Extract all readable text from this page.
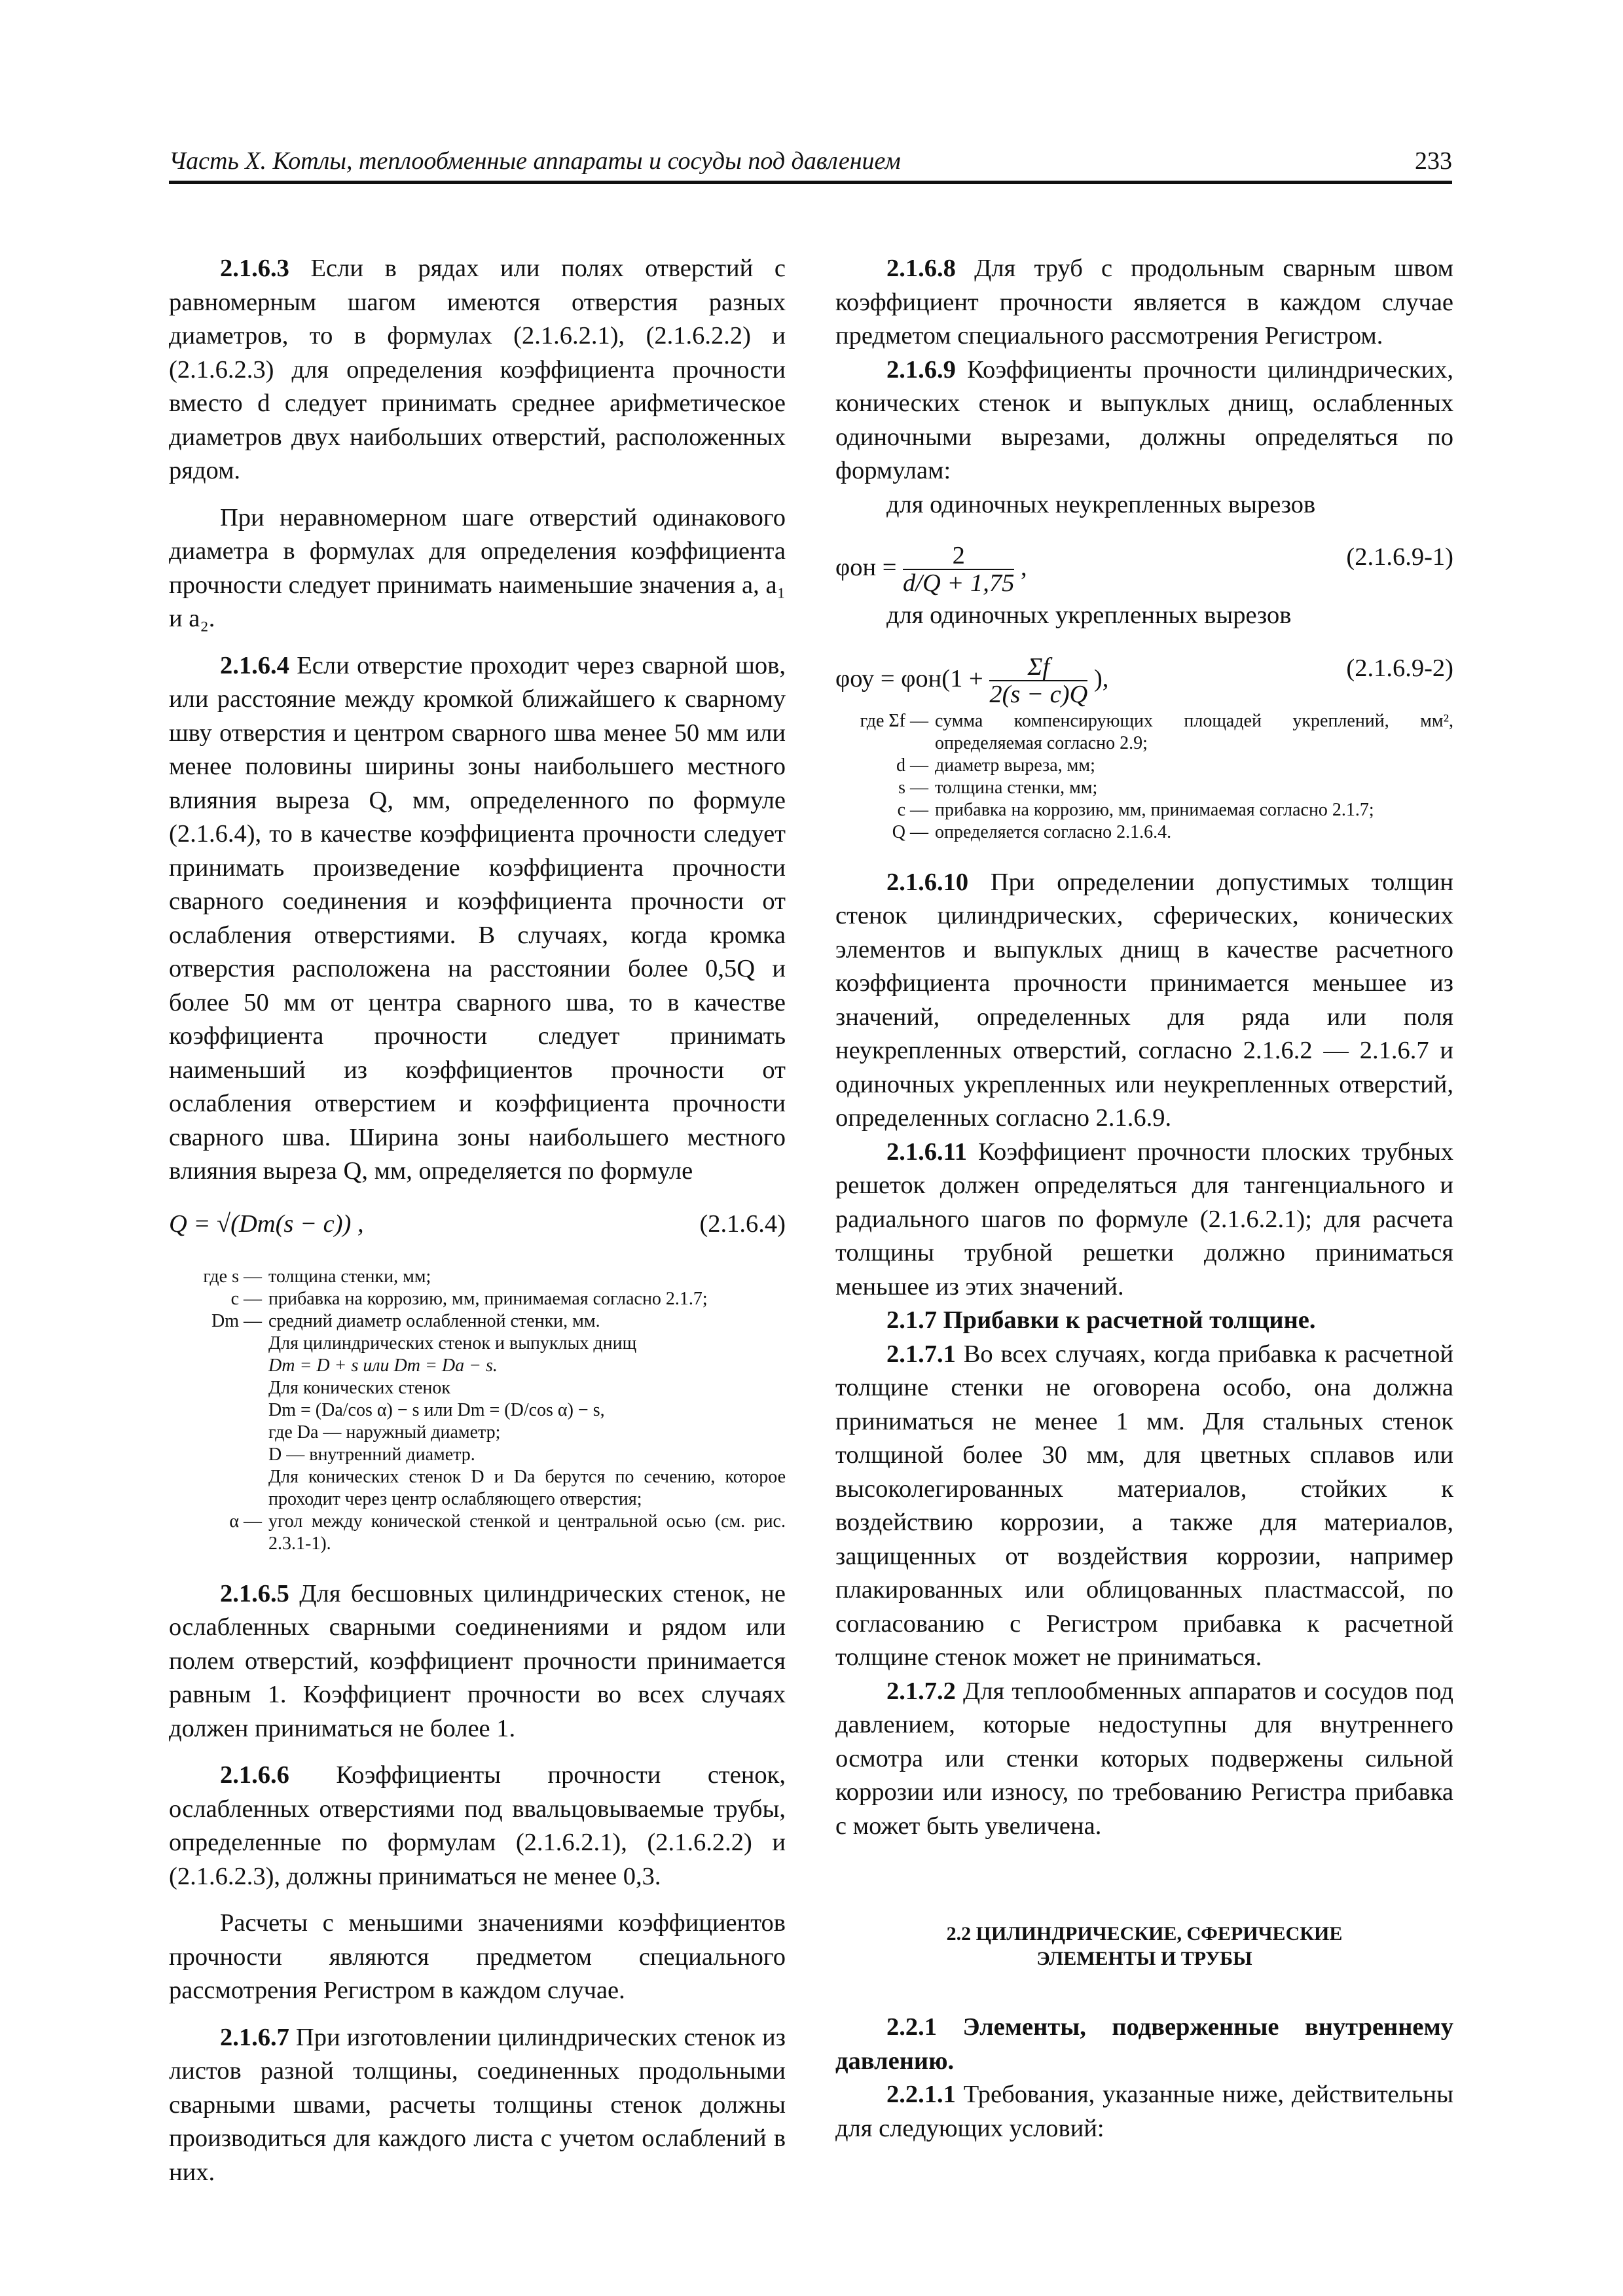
Часть X. Котлы, теплообменные аппараты и сосуды под давлением	233

2.1.6.3 Если в рядах или полях отверстий с равномерным шагом имеются отверстия разных диаметров, то в формулах (2.1.6.2.1), (2.1.6.2.2) и (2.1.6.2.3) для определения коэффициента прочности вместо d следует принимать среднее арифметическое диаметров двух наибольших отверстий, расположенных рядом.

При неравномерном шаге отверстий одинакового диаметра в формулах для определения коэффициента прочности следует принимать наименьшие значения a, a₁ и a₂.

2.1.6.4 Если отверстие проходит через сварной шов, или расстояние между кромкой ближайшего к сварному шву отверстия и центром сварного шва менее 50 мм или менее половины ширины зоны наибольшего местного влияния выреза Q, мм, определенного по формуле (2.1.6.4), то в качестве коэффициента прочности следует принимать произведение коэффициента прочности сварного соединения и коэффициента прочности от ослабления отверстиями. В случаях, когда кромка отверстия расположена на расстоянии более 0,5Q и более 50 мм от центра сварного шва, то в качестве коэффициента прочности следует принимать наименьший из коэффициентов прочности от ослабления отверстием и коэффициента прочности сварного шва. Ширина зоны наибольшего местного влияния выреза Q, мм, определяется по формуле

Q = √(Dm(s − c)) ,	(2.1.6.4)
где s — толщина стенки, мм;
c — прибавка на коррозию, мм, принимаемая согласно 2.1.7;
Dm — средний диаметр ослабленной стенки, мм.
Для цилиндрических стенок и выпуклых днищ
Dm = D + s или Dm = Da − s.
Для конических стенок
Dm = (Da/cos α) − s или Dm = (D/cos α) − s,
где Da — наружный диаметр;
D — внутренний диаметр.
Для конических стенок D и Da берутся по сечению, которое проходит через центр ослабляющего отверстия;
α — угол между конической стенкой и центральной осью (см. рис. 2.3.1-1).

2.1.6.5 Для бесшовных цилиндрических стенок, не ослабленных сварными соединениями и рядом или полем отверстий, коэффициент прочности принимается равным 1. Коэффициент прочности во всех случаях должен приниматься не более 1.

2.1.6.6 Коэффициенты прочности стенок, ослабленных отверстиями под ввальцовываемые трубы, определенные по формулам (2.1.6.2.1), (2.1.6.2.2) и (2.1.6.2.3), должны приниматься не менее 0,3.

Расчеты с меньшими значениями коэффициентов прочности являются предметом специального рассмотрения Регистром в каждом случае.

2.1.6.7 При изготовлении цилиндрических стенок из листов разной толщины, соединенных продольными сварными швами, расчеты толщины стенок должны производиться для каждого листа с учетом ослаблений в них.

2.1.6.8 Для труб с продольным сварным швом коэффициент прочности является в каждом случае предметом специального рассмотрения Регистром.

2.1.6.9 Коэффициенты прочности цилиндрических, конических стенок и выпуклых днищ, ослабленных одиночными вырезами, должны определяться по формулам:

для одиночных неукрепленных вырезов

$\varphi он = \frac{2}{d/Q + 1,75}$ ,	(2.1.6.9-1)

для одиночных укрепленных вырезов

$\varphi оу = \varphi он(1 + \frac{\Sigma f}{2(s - c)Q}$ ),	(2.1.6.9-2)
где Σf — сумма компенсирующих площадей укреплений, мм², определяемая согласно 2.9;
d — диаметр выреза, мм;
s — толщина стенки, мм;
c — прибавка на коррозию, мм, принимаемая согласно 2.1.7;
Q — определяется согласно 2.1.6.4.

2.1.6.10 При определении допустимых толщин стенок цилиндрических, сферических, конических элементов и выпуклых днищ в качестве расчетного коэффициента прочности принимается меньшее из значений, определенных для ряда или поля неукрепленных отверстий, согласно 2.1.6.2 — 2.1.6.7 и одиночных укрепленных или неукрепленных отверстий, определенных согласно 2.1.6.9.

2.1.6.11 Коэффициент прочности плоских трубных решеток должен определяться для тангенциального и радиального шагов по формуле (2.1.6.2.1); для расчета толщины трубной решетки должно приниматься меньшее из этих значений.

2.1.7 Прибавки к расчетной толщине.

2.1.7.1 Во всех случаях, когда прибавка к расчетной толщине стенки не оговорена особо, она должна приниматься не менее 1 мм. Для стальных стенок толщиной более 30 мм, для цветных сплавов или высоколегированных материалов, стойких к воздействию коррозии, а также для материалов, защищенных от воздействия коррозии, например плакированных или облицованных пластмассой, по согласованию с Регистром прибавка к расчетной толщине стенок может не приниматься.

2.1.7.2 Для теплообменных аппаратов и сосудов под давлением, которые недоступны для внутреннего осмотра или стенки которых подвержены сильной коррозии или износу, по требованию Регистра прибавка c может быть увеличена.

2.2 ЦИЛИНДРИЧЕСКИЕ, СФЕРИЧЕСКИЕ
ЭЛЕМЕНТЫ И ТРУБЫ

2.2.1 Элементы, подверженные внутреннему давлению.

2.2.1.1 Требования, указанные ниже, действительны для следующих условий:
